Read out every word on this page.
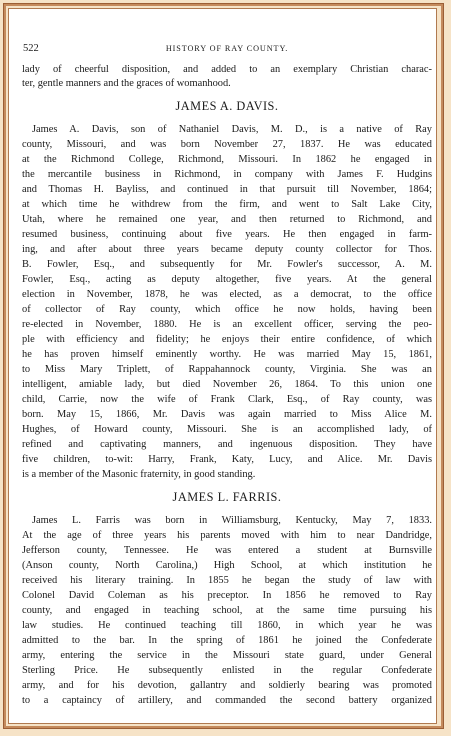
522	HISTORY OF RAY COUNTY.
lady of cheerful disposition, and added to an exemplary Christian charac-
ter, gentle manners and the graces of womanhood.
JAMES A. DAVIS.
James A. Davis, son of Nathaniel Davis, M. D., is a native of Ray
county, Missouri, and was born November 27, 1837. He was educated
at the Richmond College, Richmond, Missouri. In 1862 he engaged in
the mercantile business in Richmond, in company with James F. Hudgins
and Thomas H. Bayliss, and continued in that pursuit till November, 1864;
at which time he withdrew from the firm, and went to Salt Lake City,
Utah, where he remained one year, and then returned to Richmond, and
resumed business, continuing about five years. He then engaged in farm-
ing, and after about three years became deputy county collector for Thos.
B. Fowler, Esq., and subsequently for Mr. Fowler's successor, A. M.
Fowler, Esq., acting as deputy altogether, five years. At the general
election in November, 1878, he was elected, as a democrat, to the office
of collector of Ray county, which office he now holds, having been
re-elected in November, 1880. He is an excellent officer, serving the peo-
ple with efficiency and fidelity; he enjoys their entire confidence, of which
he has proven himself eminently worthy. He was married May 15, 1861,
to Miss Mary Triplett, of Rappahannock county, Virginia. She was an
intelligent, amiable lady, but died November 26, 1864. To this union one
child, Carrie, now the wife of Frank Clark, Esq., of Ray county, was
born. May 15, 1866, Mr. Davis was again married to Miss Alice M.
Hughes, of Howard county, Missouri. She is an accomplished lady, of
refined and captivating manners, and ingenuous disposition. They have
five children, to-wit: Harry, Frank, Katy, Lucy, and Alice. Mr. Davis
is a member of the Masonic fraternity, in good standing.
JAMES L. FARRIS.
James L. Farris was born in Williamsburg, Kentucky, May 7, 1833.
At the age of three years his parents moved with him to near Dandridge,
Jefferson county, Tennessee. He was entered a student at Burnsville
(Anson county, North Carolina,) High School, at which institution he
received his literary training. In 1855 he began the study of law with
Colonel David Coleman as his preceptor. In 1856 he removed to Ray
county, and engaged in teaching school, at the same time pursuing his
law studies. He continued teaching till 1860, in which year he was
admitted to the bar. In the spring of 1861 he joined the Confederate
army, entering the service in the Missouri state guard, under General
Sterling Price. He subsequently enlisted in the regular Confederate
army, and for his devotion, gallantry and soldierly bearing was promoted
to a captaincy of artillery, and commanded the second battery organized
